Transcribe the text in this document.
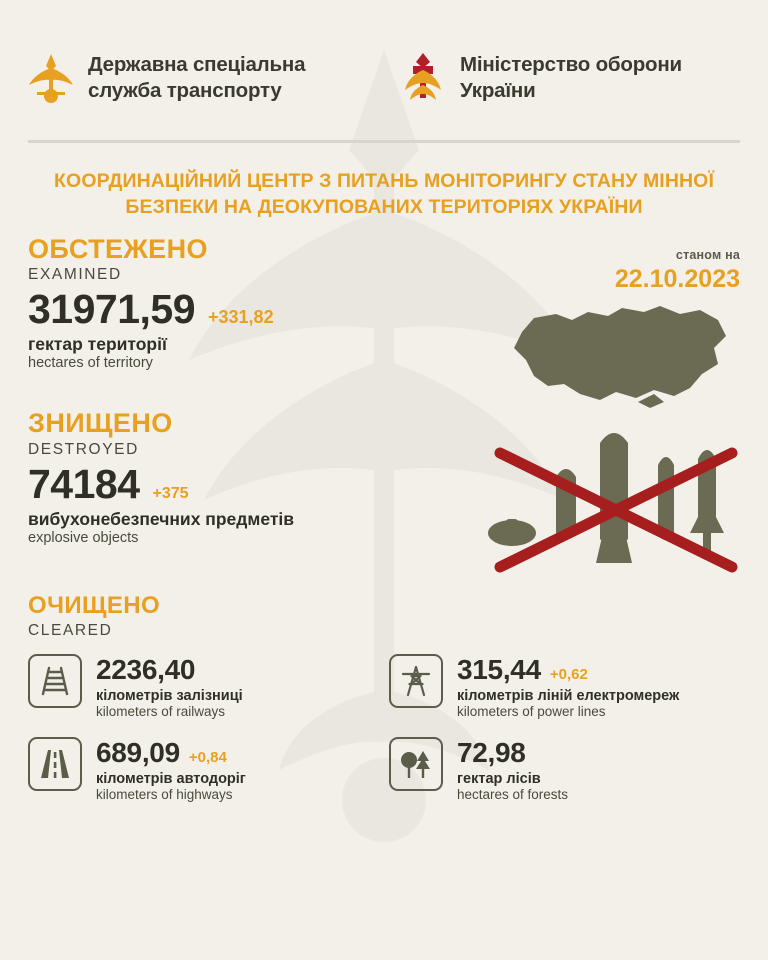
Державна спеціальна
служба транспорту
Міністерство оборони
України
КООРДИНАЦІЙНИЙ ЦЕНТР З ПИТАНЬ МОНІТОРИНГУ СТАНУ МІННОЇ БЕЗПЕКИ НА ДЕОКУПОВАНИХ ТЕРИТОРІЯХ УКРАЇНИ
ОБСТЕЖЕНО
EXAMINED
31971,59 +331,82
гектар території
hectares of territory
ЗНИЩЕНО
DESTROYED
74184 +375
вибухонебезпечних предметів
explosive objects
ОЧИЩЕНО
CLEARED
2236,40
кілометрів залізниці
kilometers of railways
315,44 +0,62
кілометрів ліній електромереж
kilometers of power lines
689,09 +0,84
кілометрів автодоріг
kilometers of highways
72,98
гектар лісів
hectares of forests
станом на
22.10.2023
